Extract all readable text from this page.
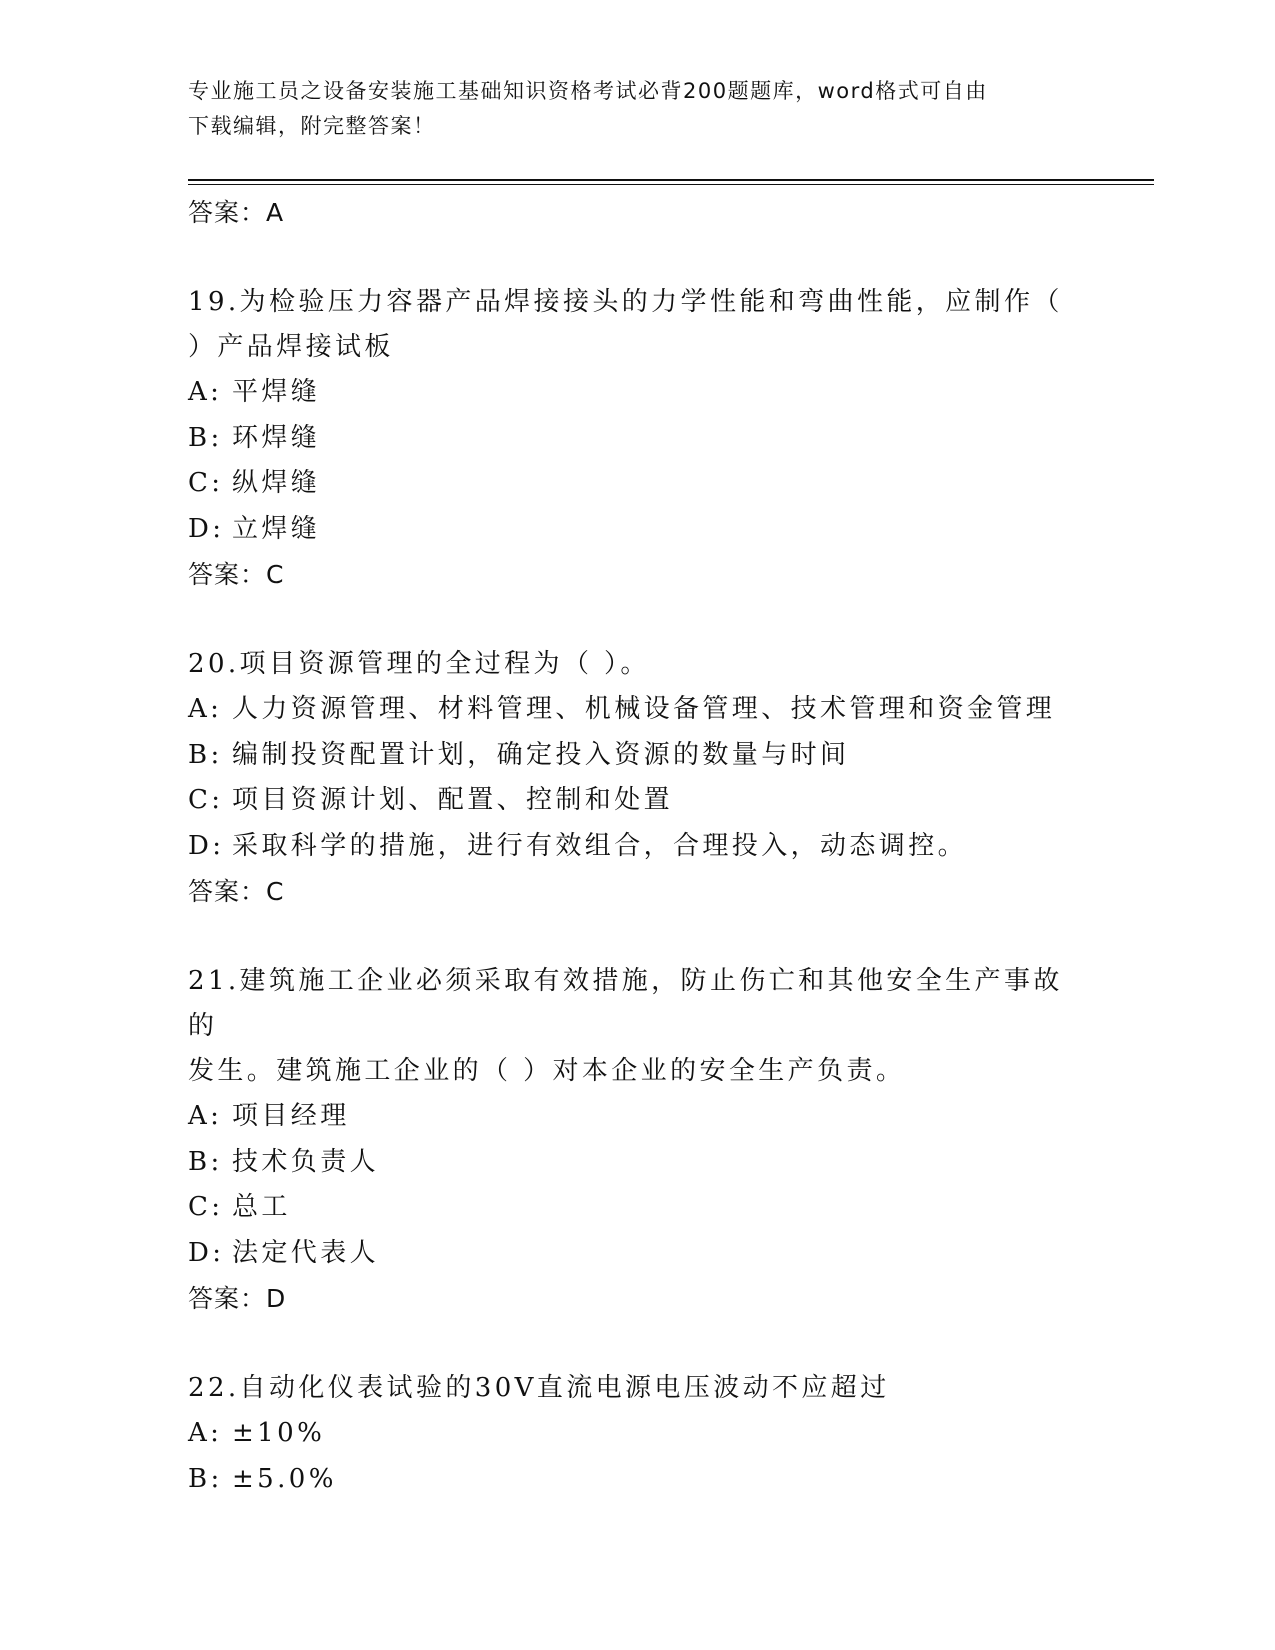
专业施工员之设备安装施工基础知识资格考试必背200题题库，word格式可自由
下载编辑，附完整答案！
答案：A
19.为检验压力容器产品焊接接头的力学性能和弯曲性能，应制作（
）产品焊接试板
A: 平焊缝
B: 环焊缝
C: 纵焊缝
D: 立焊缝
答案：C
20.项目资源管理的全过程为（ ）。
A: 人力资源管理、材料管理、机械设备管理、技术管理和资金管理
B: 编制投资配置计划，确定投入资源的数量与时间
C: 项目资源计划、配置、控制和处置
D: 采取科学的措施，进行有效组合，合理投入，动态调控。
答案：C
21.建筑施工企业必须采取有效措施，防止伤亡和其他安全生产事故的
发生。建筑施工企业的（ ）对本企业的安全生产负责。
A: 项目经理
B: 技术负责人
C: 总工
D: 法定代表人
答案：D
22.自动化仪表试验的30V直流电源电压波动不应超过
A: ±10%
B: ±5.0%
